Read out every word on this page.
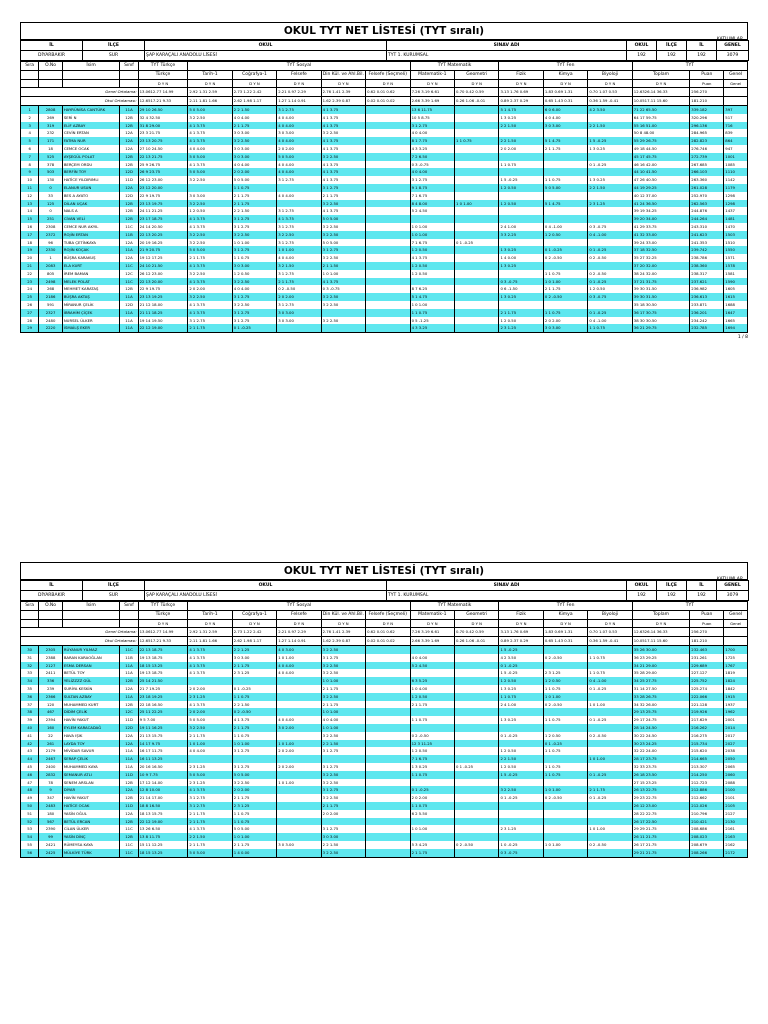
OKUL TYT NET LİSTESİ (TYT sıralı)
KATILIMLAR
İL	İLÇE	OKUL	SINAV ADI	OKUL	İLÇE	İL	GENEL
DİYARBAKIR	SUR	ŞAP KARAÇALI ANADOLU LİSESİ	TYT 1. KURUMSAL	192	192	192	3079
Sıra	O.No	İsim	Sınıf	TYT Türkçe	TYT Sosyal					TYT Matematik		TYT Fen			TYT		
				Türkçe	Tarih-1	Coğrafya-1	Felsefe	Din Kül. ve Ahl.Bil.	Felsefe (Seçmeli)	Matematik-1	Geometri	Fizik	Kimya	Biyoloji	Toplam	Puan	Genel
				D Y N	D Y N	D Y N	D Y N	D Y N	D Y N	D Y N	D Y N	D Y N	D Y N	D Y N	D Y N	Puan	Genel
Genel Ortalama:				13.0612.77 14.99	2.92 1.31 2.59	2.73 1.22 2.42	2.21 0.97 2.29	2.76 1.41 2.39	0.62 0.01 0.62	7.26 3.19 6.61	0.70 0.42 0.59	3.13 1.76 0.69	1.83 0.69 1.31	0.70 1.07 0.53	12.6326.14 36.33	256.270	
Okul Ortalaması:				12.6517.21 9.33	2.11 1.81 1.66	2.62 1.98 1.17	1.27 1.14 0.91	1.62 2.39 0.87	0.02 0.01 0.02	2.66 3.39 1.69	0.26 1.06 -0.01	0.89 2.37 0.29	0.65 1.43 0.31	0.36 1.59 -0.41	10.0517.11 15.60	181.210	
1	2808	HAYRÜNİSA CANTÜRK	11A	29 10 26.50	5 0 5.00	2 2 1.50	3 1 2.75	4 1 3.75		13 6 11.75		5 1 4.75	6 0 6.00	4 2 3.50	71 22 65.50	339.182	397
2	269	SERİ N	12B	32 4 32.50	3 2 2.50	4 0 4.00	4 0 4.00	4 1 3.75		10 5 8.75		1 3 0.25	4 0 4.00		64 17 59.75	320.296	517
3	319	ELİF AZBAY	12B	31 8 29.00	4 1 3.75	2 1 1.75	4 0 4.00	4 1 3.75		3 1 2.75		2 2 1.50	3 0 3.00	2 2 1.50	55 16 51.00	296.136	716
4	232	CEVİN ERTAN	12A	23 3 21.75	4 1 3.75	3 0 3.00	3 0 3.00	3 2 2.50		4 0 4.00					50 8 48.00	284.965	839
5	171	FATMA NUR	12A	23 13 20.75	4 1 3.75	3 2 2.50	4 0 4.00	4 1 3.75		8 1 7.75	1 1 0.75	2 2 1.50	5 1 4.75	1 5 -0.25	55 29 26.75	282.823	864
6	18	CEMCE OCAK	12A	27 10 24.50	4 0 4.00	3 0 3.00	2 0 2.00	4 1 3.75		4 3 3.25		2 0 2.00	2 1 1.75	1 3 0.25	49 18 44.50	276.746	947
7	525	AYŞEGÜL POLAT	12B	22 13 21.75	5 0 5.00	3 0 3.00	5 0 5.00	3 2 2.50		7 2 6.50					45 17 45.75	272.739	1001
8	378	BERÇEM ORDU	12B	25 9 26.75	4 1 3.75	4 0 4.00	4 0 4.00	4 1 3.75		0 3 -0.75		1 1 0.75		0 1 -0.25	46 16 42.00	267.685	1085
9	503	BERFİN TOY	12D	26 9 23.75	5 0 5.00	2 0 2.00	4 0 4.00	4 1 3.75		4 0 4.00					44 10 41.50	266.103	1110
10	130	HATİCE YILDIRIMLI	11D	26 12 23.00	3 2 2.50	5 0 5.00	3 1 2.75	4 1 3.75		3 1 2.75		1 5 -0.25	1 1 0.75	1 3 0.25	47 26 40.50	263.360	1142
11	0	ELANUR USUN	12A	23 12 20.00		1 1 0.75		3 1 2.75		9 1 8.75		1 2 0.50	5 0 5.00	2 2 1.50	44 19 29.25	261.028	1179
12	33	BES A AYATO	12D	22 9 19.75	3 0 3.00	2 1 1.75	4 0 4.00	2 1 1.75		7 1 6.75					40 12 37.00	252.970	1298
13	125	DİLAN UÇAK	12B	23 13 19.75	3 2 2.50	2 1 1.75		3 2 2.50		8 4 8.00	1 0 1.00	1 2 0.50	5 1 4.75	2 3 1.25	41 24 36.50	262.563	1298
14	0	NALS A	12B	24 11 21.25	1 2 0.50	2 2 1.50	3 1 2.75	4 1 3.75		5 2 4.50					39 19 34.25	244.876	1437
15	251	CİVAN VELİ	12B	23 17 18.75	4 1 3.75	3 1 2.75	4 1 3.75	5 0 5.00							39 20 34.00	244.264	1481
16	2308	CEMCE NUR AKYIL	11C	24 14 20.50	4 1 3.75	3 1 2.75	3 1 2.75	3 2 2.50		1 0 1.00		2 4 1.00	0 4 -1.00	0 3 -0.75	41 29 33.75	243.310	1470
17	2372	ROJİN ERTAN	11B	22 13 20.25	3 2 2.50	3 2 2.50	3 2 2.50	3 2 2.50		1 0 1.00		3 3 2.25	1 2 0.50	0 4 -1.00	41 32 33.00	241.623	1503
18	96	TUBA ÇETİNKAYA	12A	20 19 16.25	3 2 2.50	1 0 1.00	3 1 2.75	5 0 5.00		7 1 6.75	0 1 -0.25				39 24 33.00	241.353	1510
19	2330	ROJİN KOÇAK	11A	21 9 20.75	5 0 5.00	3 1 2.75	1 0 1.00	3 1 2.75		1 2 0.50		1 3 0.25	0 1 -0.25	0 1 -0.25	37 18 32.50	239.742	1550
20	1	BÜŞRA KARAKUŞ	12A	19 12 17.25	2 1 1.75	1 1 0.75	4 0 4.00	3 2 2.50		4 1 3.75		1 4 0.00	0 2 -0.50	0 2 -0.50	35 27 32.25	238.786	1571
21	2083	ELA KURT	11C	24 10 21.50	4 1 3.75	3 0 3.00	3 2 1.50	2 1 1.50		1 2 0.50		1 3 0.25			37 20 32.00	238.360	1578
22	805	İREM BAMAN	12C	26 12 23.00	3 2 2.50	1 2 0.50	3 1 2.75	1 0 1.00		1 2 0.50			1 1 0.75	0 2 -0.50	38 24 32.00	238.317	1581
23	2498	MELEK POLAT	11C	22 13 20.00	4 1 3.75	3 2 2.50	2 1 1.75	4 1 3.75				0 3 -0.75	1 0 1.00	0 1 -0.25	37 21 31.75	237.621	1590
24	268	MEHMET KARATAŞ	12B	22 9 19.75	2 0 2.00	4 0 4.00	0 2 -0.50	0 3 -0.75		8 7 6.25		0 6 -1.50	2 1 1.75	1 2 0.50	39 30 31.50	236.982	1605
25	2186	BÜŞRA AKTAŞ	11A	23 13 19.25	3 2 2.50	3 1 2.75	2 0 2.00	3 2 2.50		5 1 4.75		1 3 0.25	0 2 -0.50	0 3 -0.75	39 30 31.50	236.613	1615
26	591	MİRANUR ÇELİK	12D	21 12 18.00	4 1 3.75	3 2 2.50	3 1 2.75	3 2 2.50		1 0 1.00					35 18 30.50	233.871	1688
27	2327	İBRAHİM ÇİÇEK	11A	21 11 18.25	4 1 3.75	3 1 2.75	3 0 3.00			1 1 0.75		2 1 1.75	1 1 0.75	0 1 -0.25	36 17 30.75	236.201	1647
28	2480	NURSEL ÜLKER	11A	19 14 19.50	3 1 2.75	3 1 2.75	3 0 3.00	3 2 2.50		0 5 -1.25		1 2 0.50	2 0 2.00	0 4 -1.00	38 30 30.50	234.242	1665
29	2220	İSMAİLŞ EKER	11A	22 12 19.00	2 1 1.75	0 1 -0.25				4 3 3.25		2 3 1.25	3 0 3.00	1 1 0.75	36 21 29.75	232.785	1694
1 / 8
OKUL TYT NET LİSTESİ (TYT sıralı)
KATILIMLAR
İL	İLÇE	OKUL	SINAV ADI	OKUL	İLÇE	İL	GENEL
DİYARBAKIR	SUR	ŞAP KARAÇALI ANADOLU LİSESİ	TYT 1. KURUMSAL	192	192	192	3079
Sıra	O.No	İsim	Sınıf	TYT Türkçe	TYT Sosyal					TYT Matematik		TYT Fen			TYT		
				Türkçe	Tarih-1	Coğrafya-1	Felsefe	Din Kül. ve Ahl.Bil.	Felsefe (Seçmeli)	Matematik-1	Geometri	Fizik	Kimya	Biyoloji	Toplam	Puan	Genel
				D Y N	D Y N	D Y N	D Y N	D Y N	D Y N	D Y N	D Y N	D Y N	D Y N	D Y N	D Y N	Puan	Genel
Genel Ortalama:				13.0612.77 14.99	2.92 1.31 2.59	2.73 1.22 2.42	2.21 0.97 2.29	2.76 1.41 2.39	0.62 0.01 0.62	7.26 3.19 6.61	0.70 0.42 0.59	3.13 1.76 0.69	1.83 0.69 1.31	0.70 1.07 0.53	12.6326.14 36.33	256.270	
Okul Ortalaması:				12.6517.21 9.33	2.11 1.81 1.66	2.62 1.98 1.17	1.27 1.14 0.91	1.62 2.39 0.87	0.02 0.01 0.02	2.66 3.39 1.69	0.26 1.06 -0.01	0.89 2.37 0.29	0.65 1.43 0.31	0.36 1.59 -0.41	10.0517.11 15.60	181.210	
30	2305	RÜYANUR YILMAZ	11C	22 13 18.75	4 1 3.75	2 2 1.25	4 0 3.00	3 2 2.50				1 5 -0.25			35 26 30.00	232.463	1700
31	2388	BARAN KARAOĞLAN	11B	19 13 18.75	4 1 3.75	3 0 3.00	1 0 1.00	3 1 2.75		4 0 4.00		4 2 3.50	0 2 -0.50	1 1 0.75	36 23 29.25	231.261	1725
32	2127	ESMA DERSAN	11A	18 15 13.25	4 1 3.75	2 1 1.75	4 0 4.00	3 2 2.50		5 2 4.50		0 1 -0.25			34 21 29.00	229.689	1767
33	2411	BETÜL TOY	11A	19 13 18.75	4 1 3.75	2 3 1.25	4 0 4.00	3 2 2.50				1 5 -0.25	2 3 1.25	1 1 0.75	35 28 29.00	227.127	1819
34	336	YELİZZZZ GÜL	12B	25 14 21.50				1 0 1.00		6 3 5.25		1 2 0.50	1 2 0.50	0 4 -1.00	34 25 27.75	225.752	1824
35	239	SURİYA KESKİN	12A	21 7 19.25	2 0 2.00	0 1 -0.25		2 1 1.75		1 0 4.00		1 3 0.25	1 1 0.75	0 1 -0.25	31 14 27.50	225.274	1842
36	2366	SULTAN AZBAY	11A	23 18 19.25	2 3 1.25	1 1 0.75		3 2 2.50		1 2 0.50		1 1 0.75	1 0 1.00		33 28 26.75	222.066	1915
37	120	MUHAMMED KURT	12B	22 18 16.50	4 1 3.75	2 2 1.50		2 1 1.75		2 1 1.75		2 4 1.00	0 2 -0.50	1 0 1.00	34 32 26.00	221.128	1937
38	467	DİDİM ÇELİK	12C	25 11 22.25	2 0 2.00	0 2 -0.50		1 0 1.00							29 13 25.75	219.926	1962
39	2394	HAVİN YAKUT	11D	9 5 7.00	5 0 5.00	4 1 3.75	4 0 4.00	4 0 4.00		1 1 0.75		1 3 0.25	1 1 0.75	0 1 -0.25	29 17 24.75	217.629	2001
40	160	EYLEM KARACADAĞ	12D	19 11 16.25	3 2 2.50	2 1 1.75	3 0 2.00	1 0 1.00							28 14 24.50	216.262	2014
41	22	HAVA IŞIK	12A	21 13 15.75	2 1 1.75	1 1 0.75		3 2 2.50		0 2 -0.50		0 1 -0.25	1 2 0.50	0 2 -0.50	30 22 24.50	216.275	2017
42	261	LAYDA TOY	12A	14 17 9.75	1 0 1.00	1 0 1.00	1 0 1.00	2 2 1.50		12 3 11.25			0 1 -0.25		30 23 24.25	215.734	2027
43	2179	MİVİDAR SAVUR	11A	16 17 11.75	4 0 4.00	3 1 2.75	2 0 2.00	3 1 2.75		1 2 0.50		1 2 0.50	1 1 0.75		32 22 24.00	215.620	2038
44	2467	SERAP ÇELİK	11A	16 11 13.25						7 1 6.75		2 2 1.50		1 0 1.00	28 17 23.75	214.665	2050
45	2400	MUHAMMED KAYA	11A	20 16 16.50	2 3 1.25	3 1 2.75	2 0 2.00	3 1 2.75		1 3 0.25	0 1 -0.25	1 2 0.50	1 1 0.75		32 33 23.75	213.307	2065
46	2832	SEMANUR ATLI	11D	10 9 7.75	5 0 5.00	5 0 5.00		3 2 2.50		1 1 0.75		1 5 -0.25	1 1 0.75	0 1 -0.25	26 18 23.50	214.250	2060
47	78	SENEM ARSLAN	12B	17 12 14.00	2 3 1.25	3 2 2.50	1 0 1.00	3 2 2.50							27 15 23.25	212.723	2088
48	9	DİYAR	12A	12 8 10.00	4 1 3.75	2 0 2.00		3 1 2.75		0 1 -0.25		3 2 2.50	1 0 1.00	2 1 1.75	26 13 22.75	212.886	2100
49	347	HAVİN YAKUT	12B	21 14 17.00	3 1 2.75	2 1 1.75		3 2 2.50		2 0 2.00		0 1 -0.25	0 2 -0.50	0 1 -0.25	29 23 22.75	212.662	2101
50	2483	HATİCE OCAK	11D	18 8 16.50	3 1 2.75	2 3 1.25		2 1 1.75		1 1 0.75					26 12 23.00	212.026	2105
51	180	YASİN OĞUL	12A	18 13 15.75	2 1 1.75	1 1 0.75		2 0 2.00		6 2 5.50					28 22 22.75	210.796	2127
52	567	BETÜL ERCAN	12B	22 12 19.00	2 1 1.75	1 1 0.75									26 17 22.50	210.421	2130
53	2390	CİLAN ÜLKER	11C	13 26 6.50	4 1 3.75	5 0 5.00		3 1 2.75		1 0 1.00		2 3 1.25		1 0 1.00	29 29 21.75	208.686	2161
54	99	YASİN DİNÇ	12B	13 8 11.75	2 2 1.50	1 0 1.00		3 0 3.00							26 11 21.75	208.023	2163
55	2421	RÜMEYSA KAYA	11C	15 11 12.25	2 1 1.75	2 1 1.75	3 0 3.00	2 2 1.50		5 3 4.25	0 2 -0.50	1 0 -0.25	1 0 1.00	0 2 -0.50	26 17 21.75	208.679	2162
56	2425	MÜLKİYE TÜRK	11C	18 15 13.25	5 0 5.00	1 4 0.00		3 2 2.50		2 1 1.75		0 3 -0.75			29 21 21.75	208.266	2172
